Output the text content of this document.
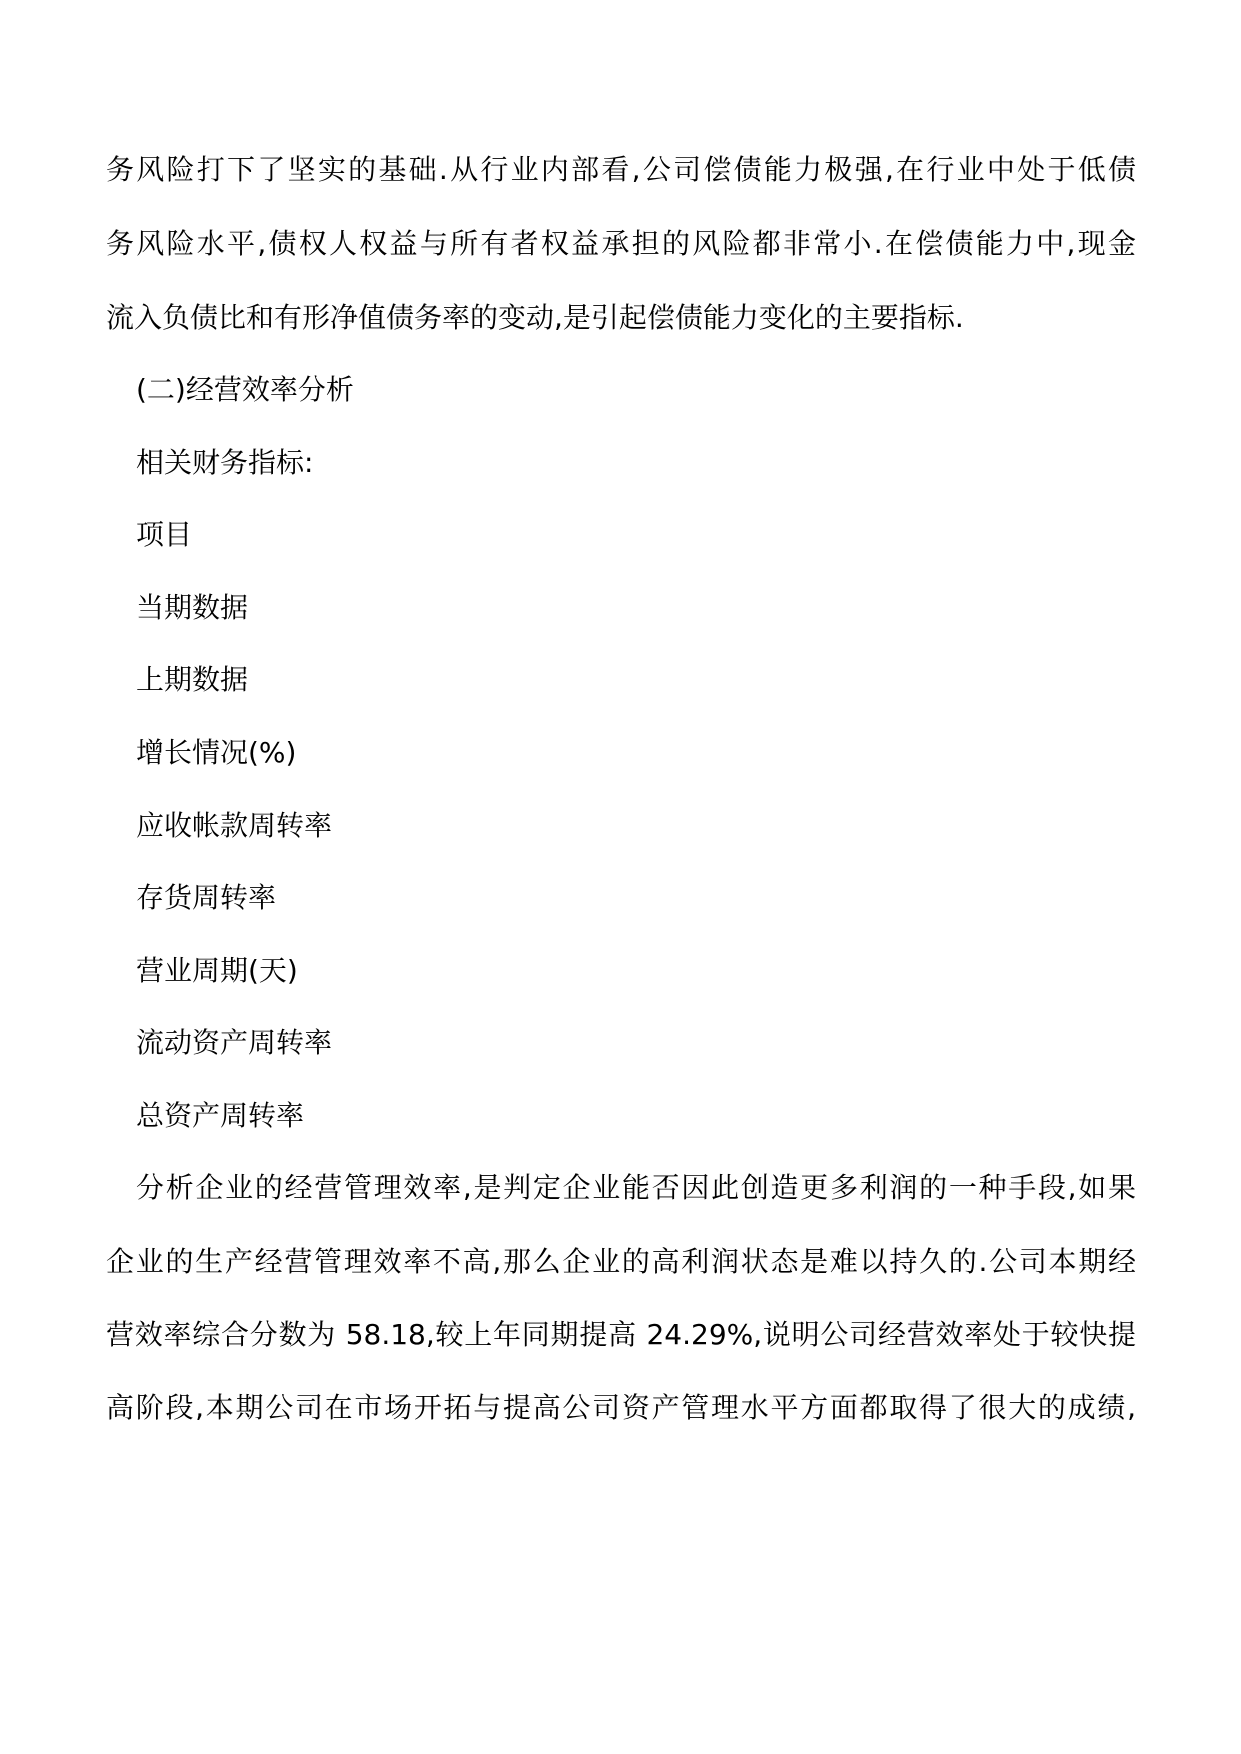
务风险打下了坚实的基础.从行业内部看,公司偿债能力极强,在行业中处于低债
务风险水平,债权人权益与所有者权益承担的风险都非常小.在偿债能力中,现金
流入负债比和有形净值债务率的变动,是引起偿债能力变化的主要指标.
(二)经营效率分析
相关财务指标:
项目
当期数据
上期数据
增长情况(%)
应收帐款周转率
存货周转率
营业周期(天)
流动资产周转率
总资产周转率
分析企业的经营管理效率,是判定企业能否因此创造更多利润的一种手段,如果
企业的生产经营管理效率不高,那么企业的高利润状态是难以持久的.公司本期经
营效率综合分数为 58.18,较上年同期提高 24.29%,说明公司经营效率处于较快提
高阶段,本期公司在市场开拓与提高公司资产管理水平方面都取得了很大的成绩,
